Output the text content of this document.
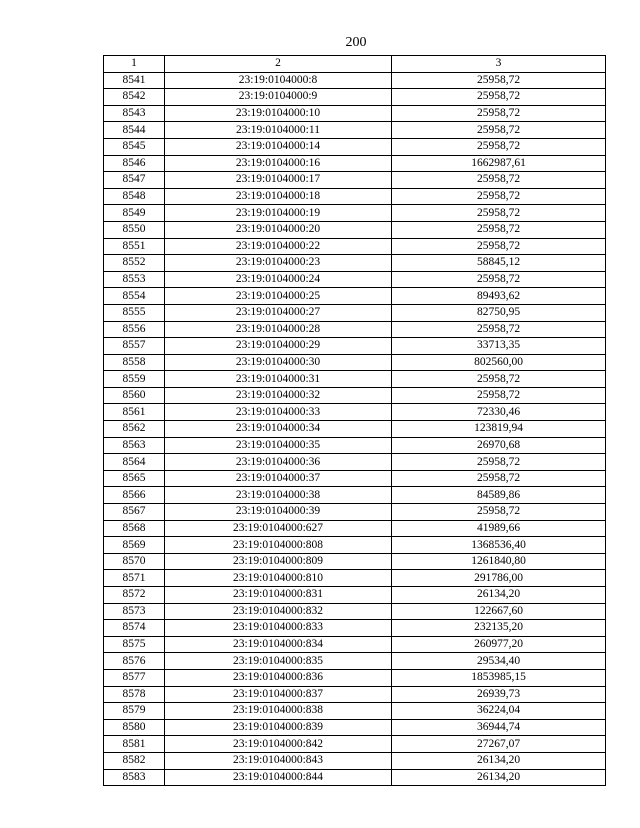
200
1	2	3
8541	23:19:0104000:8	25958,72
8542	23:19:0104000:9	25958,72
8543	23:19:0104000:10	25958,72
8544	23:19:0104000:11	25958,72
8545	23:19:0104000:14	25958,72
8546	23:19:0104000:16	1662987,61
8547	23:19:0104000:17	25958,72
8548	23:19:0104000:18	25958,72
8549	23:19:0104000:19	25958,72
8550	23:19:0104000:20	25958,72
8551	23:19:0104000:22	25958,72
8552	23:19:0104000:23	58845,12
8553	23:19:0104000:24	25958,72
8554	23:19:0104000:25	89493,62
8555	23:19:0104000:27	82750,95
8556	23:19:0104000:28	25958,72
8557	23:19:0104000:29	33713,35
8558	23:19:0104000:30	802560,00
8559	23:19:0104000:31	25958,72
8560	23:19:0104000:32	25958,72
8561	23:19:0104000:33	72330,46
8562	23:19:0104000:34	123819,94
8563	23:19:0104000:35	26970,68
8564	23:19:0104000:36	25958,72
8565	23:19:0104000:37	25958,72
8566	23:19:0104000:38	84589,86
8567	23:19:0104000:39	25958,72
8568	23:19:0104000:627	41989,66
8569	23:19:0104000:808	1368536,40
8570	23:19:0104000:809	1261840,80
8571	23:19:0104000:810	291786,00
8572	23:19:0104000:831	26134,20
8573	23:19:0104000:832	122667,60
8574	23:19:0104000:833	232135,20
8575	23:19:0104000:834	260977,20
8576	23:19:0104000:835	29534,40
8577	23:19:0104000:836	1853985,15
8578	23:19:0104000:837	26939,73
8579	23:19:0104000:838	36224,04
8580	23:19:0104000:839	36944,74
8581	23:19:0104000:842	27267,07
8582	23:19:0104000:843	26134,20
8583	23:19:0104000:844	26134,20
